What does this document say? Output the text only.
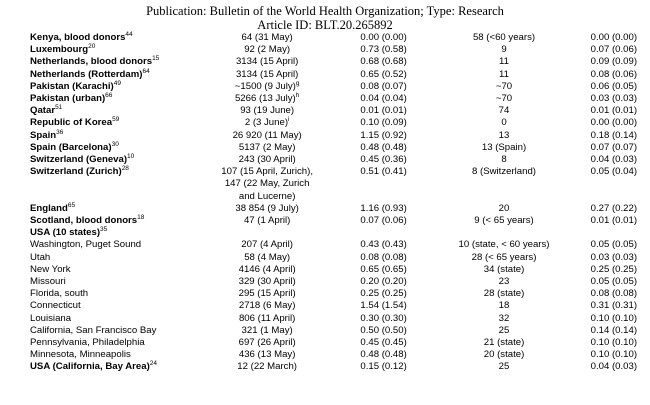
Publication: Bulletin of the World Health Organization; Type: Research
Article ID: BLT.20.265892
Kenya, blood donors$^{44}$	64 (31 May)	0.00 (0.00)	58 (<60 years)	0.00 (0.00)
Luxembourg$^{20}$	92 (2 May)	0.73 (0.58)	9	0.07 (0.06)
Netherlands, blood donors$^{15}$	3134 (15 April)	0.68 (0.68)	11	0.09 (0.09)
Netherlands (Rotterdam)$^{64}$	3134 (15 April)	0.65 (0.52)	11	0.08 (0.06)
Pakistan (Karachi)$^{49}$	~1500 (9 July)$^g$	0.08 (0.07)	~70	0.06 (0.05)
Pakistan (urban)$^{66}$	5266 (13 July)$^h$	0.04 (0.04)	~70	0.03 (0.03)
Qatar$^{51}$	93 (19 June)	0.01 (0.01)	74	0.01 (0.01)
Republic of Korea$^{59}$	2 (3 June)$^i$	0.10 (0.09)	0	0.00 (0.00)
Spain$^{36}$	26 920 (11 May)	1.15 (0.92)	13	0.18 (0.14)
Spain (Barcelona)$^{30}$	5137 (2 May)	0.48 (0.48)	13 (Spain)	0.07 (0.07)
Switzerland (Geneva)$^{10}$	243 (30 April)	0.45 (0.36)	8	0.04 (0.03)
Switzerland (Zurich)$^{28}$	107 (15 April, Zurich),	0.51 (0.41)	8 (Switzerland)	0.05 (0.04)
	147 (22 May, Zurich			
	and Lucerne)			
England$^{65}$	38 854 (9 July)	1.16 (0.93)	20	0.27 (0.22)
Scotland, blood donors$^{18}$	47 (1 April)	0.07 (0.06)	9 (< 65 years)	0.01 (0.01)
USA (10 states)$^{35}$				
Washington, Puget Sound	207 (4 April)	0.43 (0.43)	10 (state, < 60 years)	0.05 (0.05)
Utah	58 (4 May)	0.08 (0.08)	28 (< 65 years)	0.03 (0.03)
New York	4146 (4 April)	0.65 (0.65)	34 (state)	0.25 (0.25)
Missouri	329 (30 April)	0.20 (0.20)	23	0.05 (0.05)
Florida, south	295 (15 April)	0.25 (0.25)	28 (state)	0.08 (0.08)
Connecticut	2718 (6 May)	1.54 (1.54)	18	0.31 (0.31)
Louisiana	806 (11 April)	0.30 (0.30)	32	0.10 (0.10)
California, San Francisco Bay	321 (1 May)	0.50 (0.50)	25	0.14 (0.14)
Pennsylvania, Philadelphia	697 (26 April)	0.45 (0.45)	21 (state)	0.10 (0.10)
Minnesota, Minneapolis	436 (13 May)	0.48 (0.48)	20 (state)	0.10 (0.10)
USA (California, Bay Area)$^{24}$	12 (22 March)	0.15 (0.12)	25	0.04 (0.03)
